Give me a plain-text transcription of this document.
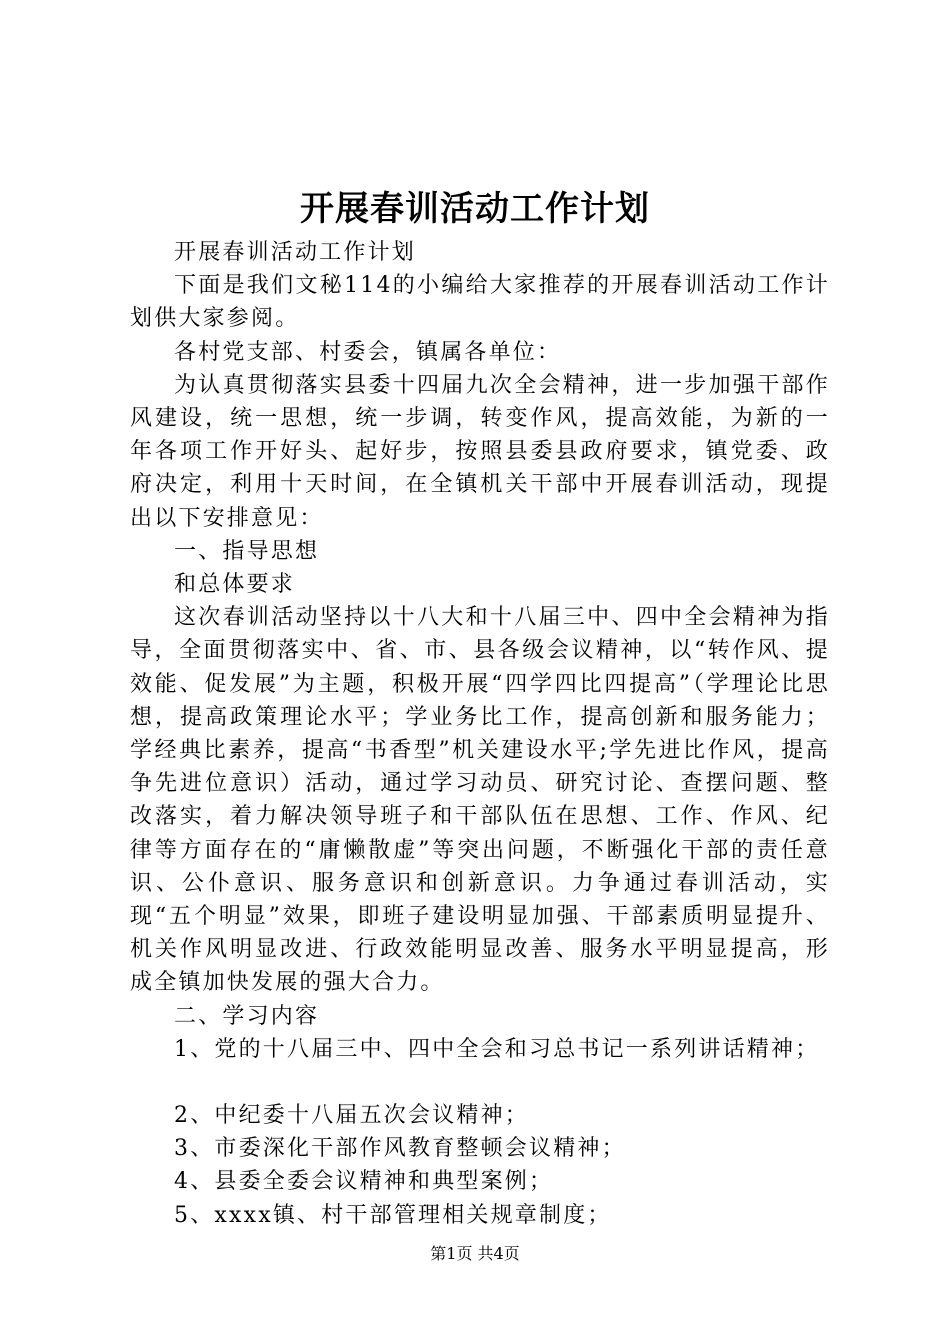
开展春训活动工作计划

开展春训活动工作计划

下面是我们文秘114的小编给大家推荐的开展春训活动工作计划供大家参阅。

各村党支部、村委会，镇属各单位：

为认真贯彻落实县委十四届九次全会精神，进一步加强干部作风建设，统一思想，统一步调，转变作风，提高效能，为新的一年各项工作开好头、起好步，按照县委县政府要求，镇党委、政府决定，利用十天时间，在全镇机关干部中开展春训活动，现提出以下安排意见：

一、指导思想

和总体要求

这次春训活动坚持以十八大和十八届三中、四中全会精神为指导，全面贯彻落实中、省、市、县各级会议精神，以“转作风、提效能、促发展”为主题，积极开展“四学四比四提高”（学理论比思想，提高政策理论水平；学业务比工作，提高创新和服务能力；学经典比素养，提高“书香型”机关建设水平;学先进比作风，提高争先进位意识）活动，通过学习动员、研究讨论、查摆问题、整改落实，着力解决领导班子和干部队伍在思想、工作、作风、纪律等方面存在的“庸懒散虚”等突出问题，不断强化干部的责任意识、公仆意识、服务意识和创新意识。力争通过春训活动，实现“五个明显”效果，即班子建设明显加强、干部素质明显提升、机关作风明显改进、行政效能明显改善、服务水平明显提高，形成全镇加快发展的强大合力。

二、学习内容

1、党的十八届三中、四中全会和习总书记一系列讲话精神；

2、中纪委十八届五次会议精神；

3、市委深化干部作风教育整顿会议精神；

4、县委全委会议精神和典型案例；

5、xxxx镇、村干部管理相关规章制度；

第1页 共4页
